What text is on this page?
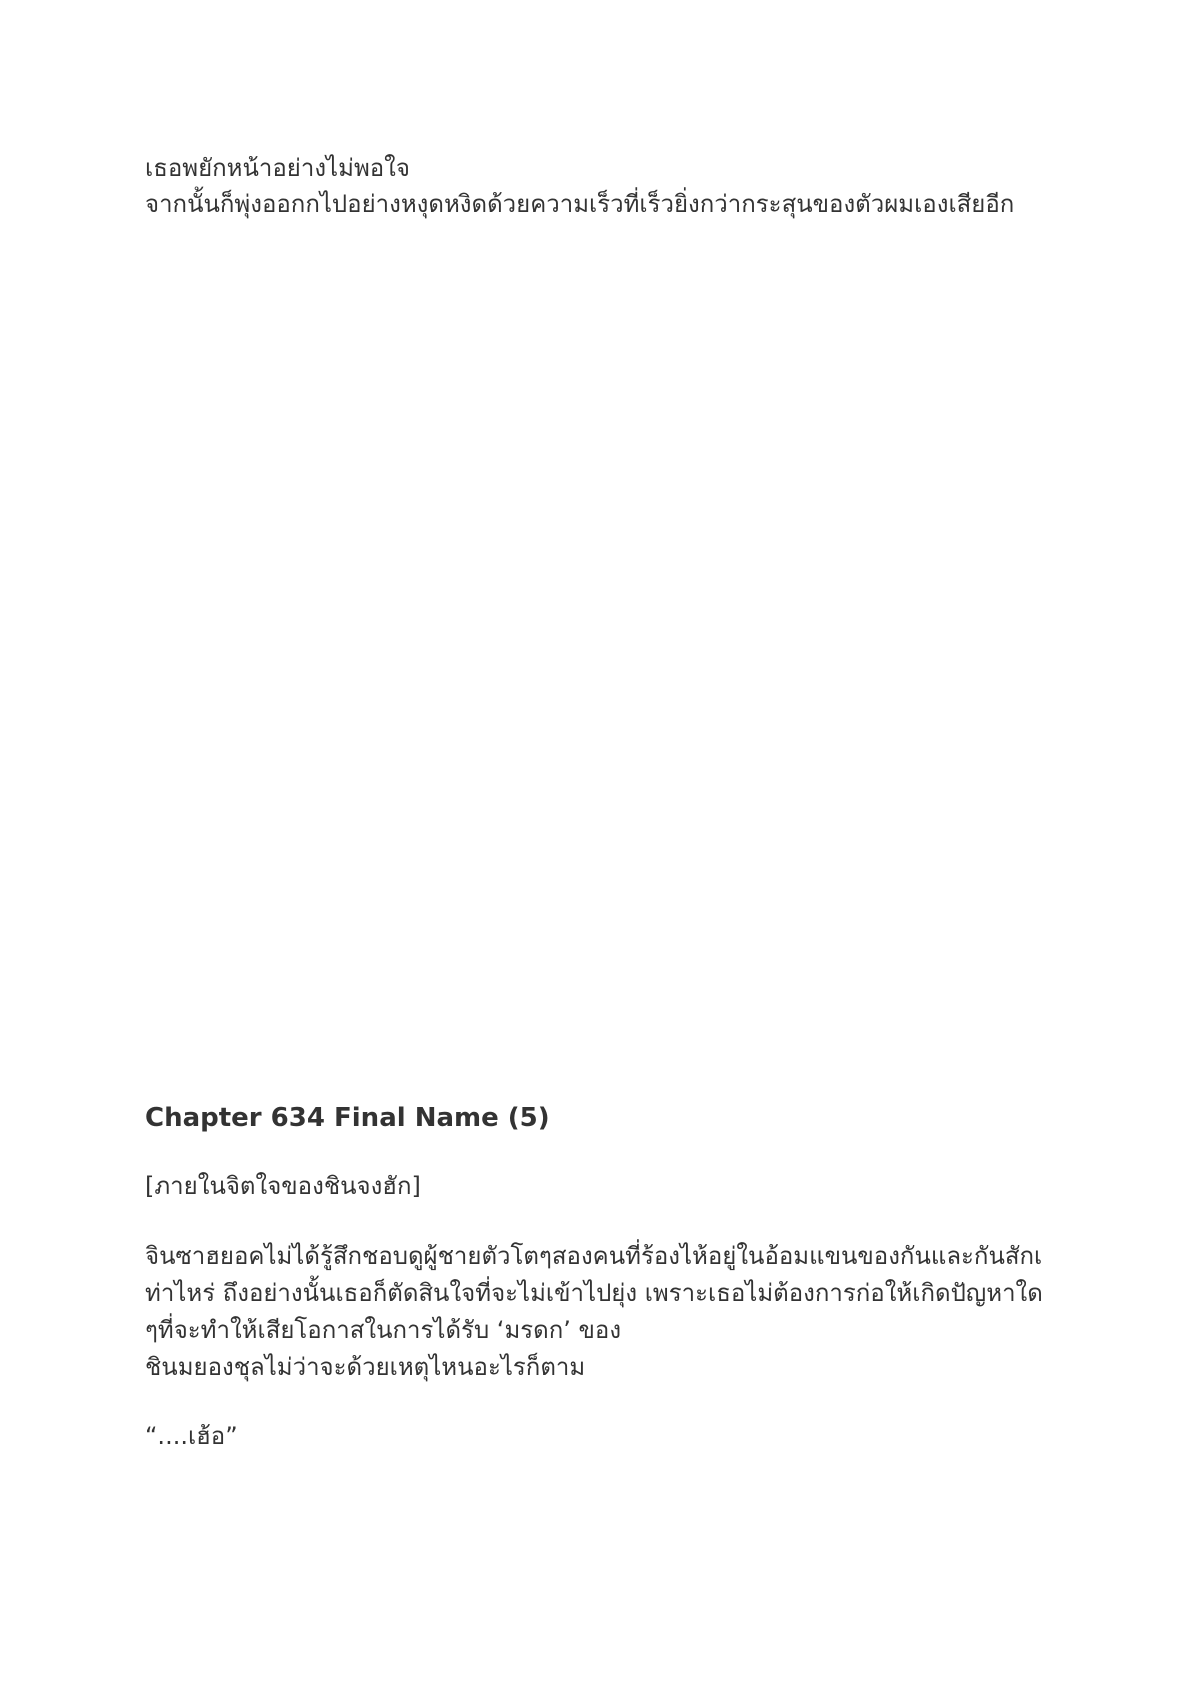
เธอพยักหน้าอย่างไม่พอใจ
จากนั้นก็พุ่งออกกไปอย่างหงุดหงิดด้วยความเร็วที่เร็วยิ่งกว่ากระสุนของตัวผมเองเสียอีก
Chapter 634 Final Name (5)
[ภายในจิตใจของชินจงฮัก]
จินซาฮยอคไม่ได้รู้สึกชอบดูผู้ชายตัวโตๆสองคนที่ร้องไห้อยู่ในอ้อมแขนของกันและกันสักเ
ท่าไหร่ ถึงอย่างนั้นเธอก็ตัดสินใจที่จะไม่เข้าไปยุ่ง เพราะเธอไม่ต้องการก่อให้เกิดปัญหาใด
ๆที่จะทำให้เสียโอกาสในการได้รับ ‘มรดก’ ของ
ชินมยองชุลไม่ว่าจะด้วยเหตุไหนอะไรก็ตาม
“....เฮ้อ”
